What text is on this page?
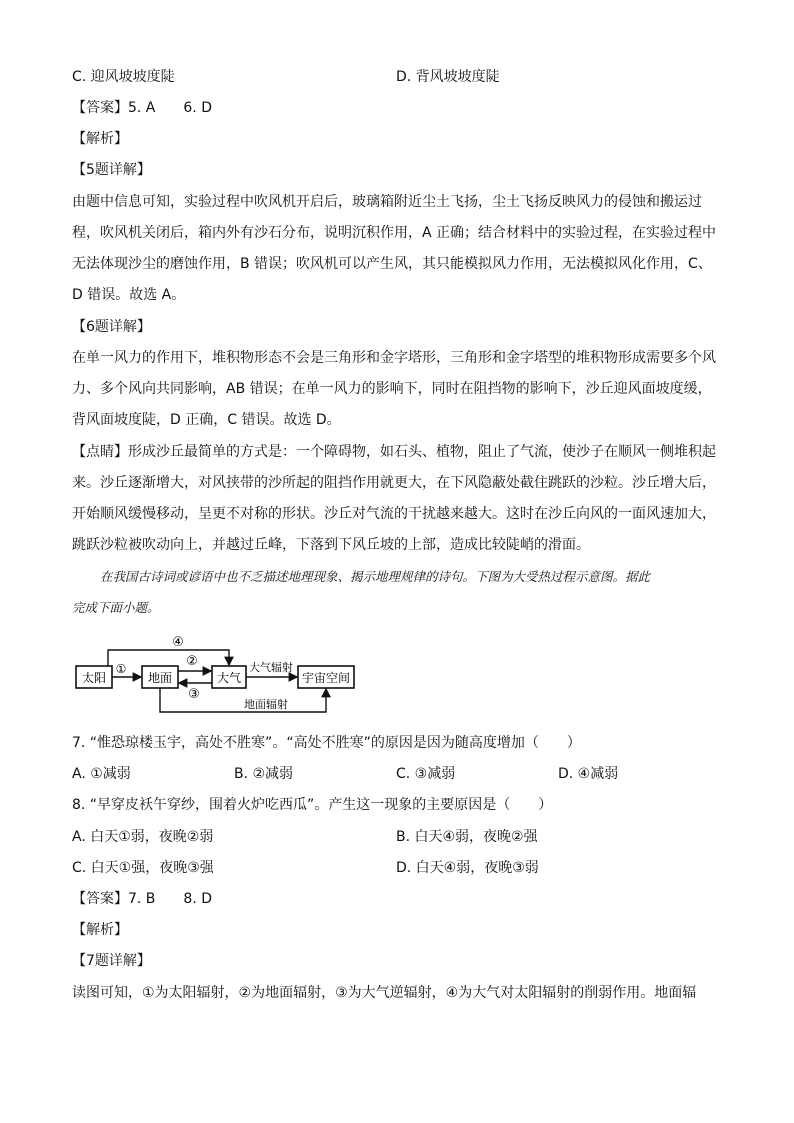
C. 迎风坡坡度陡	D. 背风坡坡度陡
【答案】5. A　　6. D
【解析】
【5题详解】
由题中信息可知，实验过程中吹风机开启后，玻璃箱附近尘土飞扬，尘土飞扬反映风力的侵蚀和搬运过
程，吹风机关闭后，箱内外有沙石分布，说明沉积作用，A 正确；结合材料中的实验过程，在实验过程中
无法体现沙尘的磨蚀作用，B 错误；吹风机可以产生风，其只能模拟风力作用，无法模拟风化作用，C、
D 错误。故选 A。
【6题详解】
在单一风力的作用下，堆积物形态不会是三角形和金字塔形，三角形和金字塔型的堆积物形成需要多个风
力、多个风向共同影响，AB 错误；在单一风力的影响下，同时在阻挡物的影响下，沙丘迎风面坡度缓，
背风面坡度陡，D 正确，C 错误。故选 D。
【点睛】形成沙丘最简单的方式是：一个障碍物，如石头、植物，阻止了气流，使沙子在顺风一侧堆积起
来。沙丘逐渐增大，对风挟带的沙所起的阻挡作用就更大，在下风隐蔽处截住跳跃的沙粒。沙丘增大后，
开始顺风缓慢移动，呈更不对称的形状。沙丘对气流的干扰越来越大。这时在沙丘向风的一面风速加大，
跳跃沙粒被吹动向上，并越过丘峰，下落到下风丘坡的上部，造成比较陡峭的滑面。
在我国古诗词或谚语中也不乏描述地理现象、揭示地理规律的诗句。下图为大受热过程示意图。据此
完成下面小题。
太阳	地面	大气	宇宙空间
①
④
②
③
大气辐射
地面辐射
7. “惟恐琼楼玉宇，高处不胜寒”。“高处不胜寒”的原因是因为随高度增加（　　）
A. ①减弱	B. ②减弱	C. ③减弱	D. ④减弱
8. “早穿皮袄午穿纱，围着火炉吃西瓜”。产生这一现象的主要原因是（　　）
A. 白天①弱，夜晚②弱	B. 白天④弱，夜晚②强
C. 白天①强，夜晚③强	D. 白天④弱，夜晚③弱
【答案】7. B　　8. D
【解析】
【7题详解】
读图可知，①为太阳辐射，②为地面辐射，③为大气逆辐射，④为大气对太阳辐射的削弱作用。地面辐
